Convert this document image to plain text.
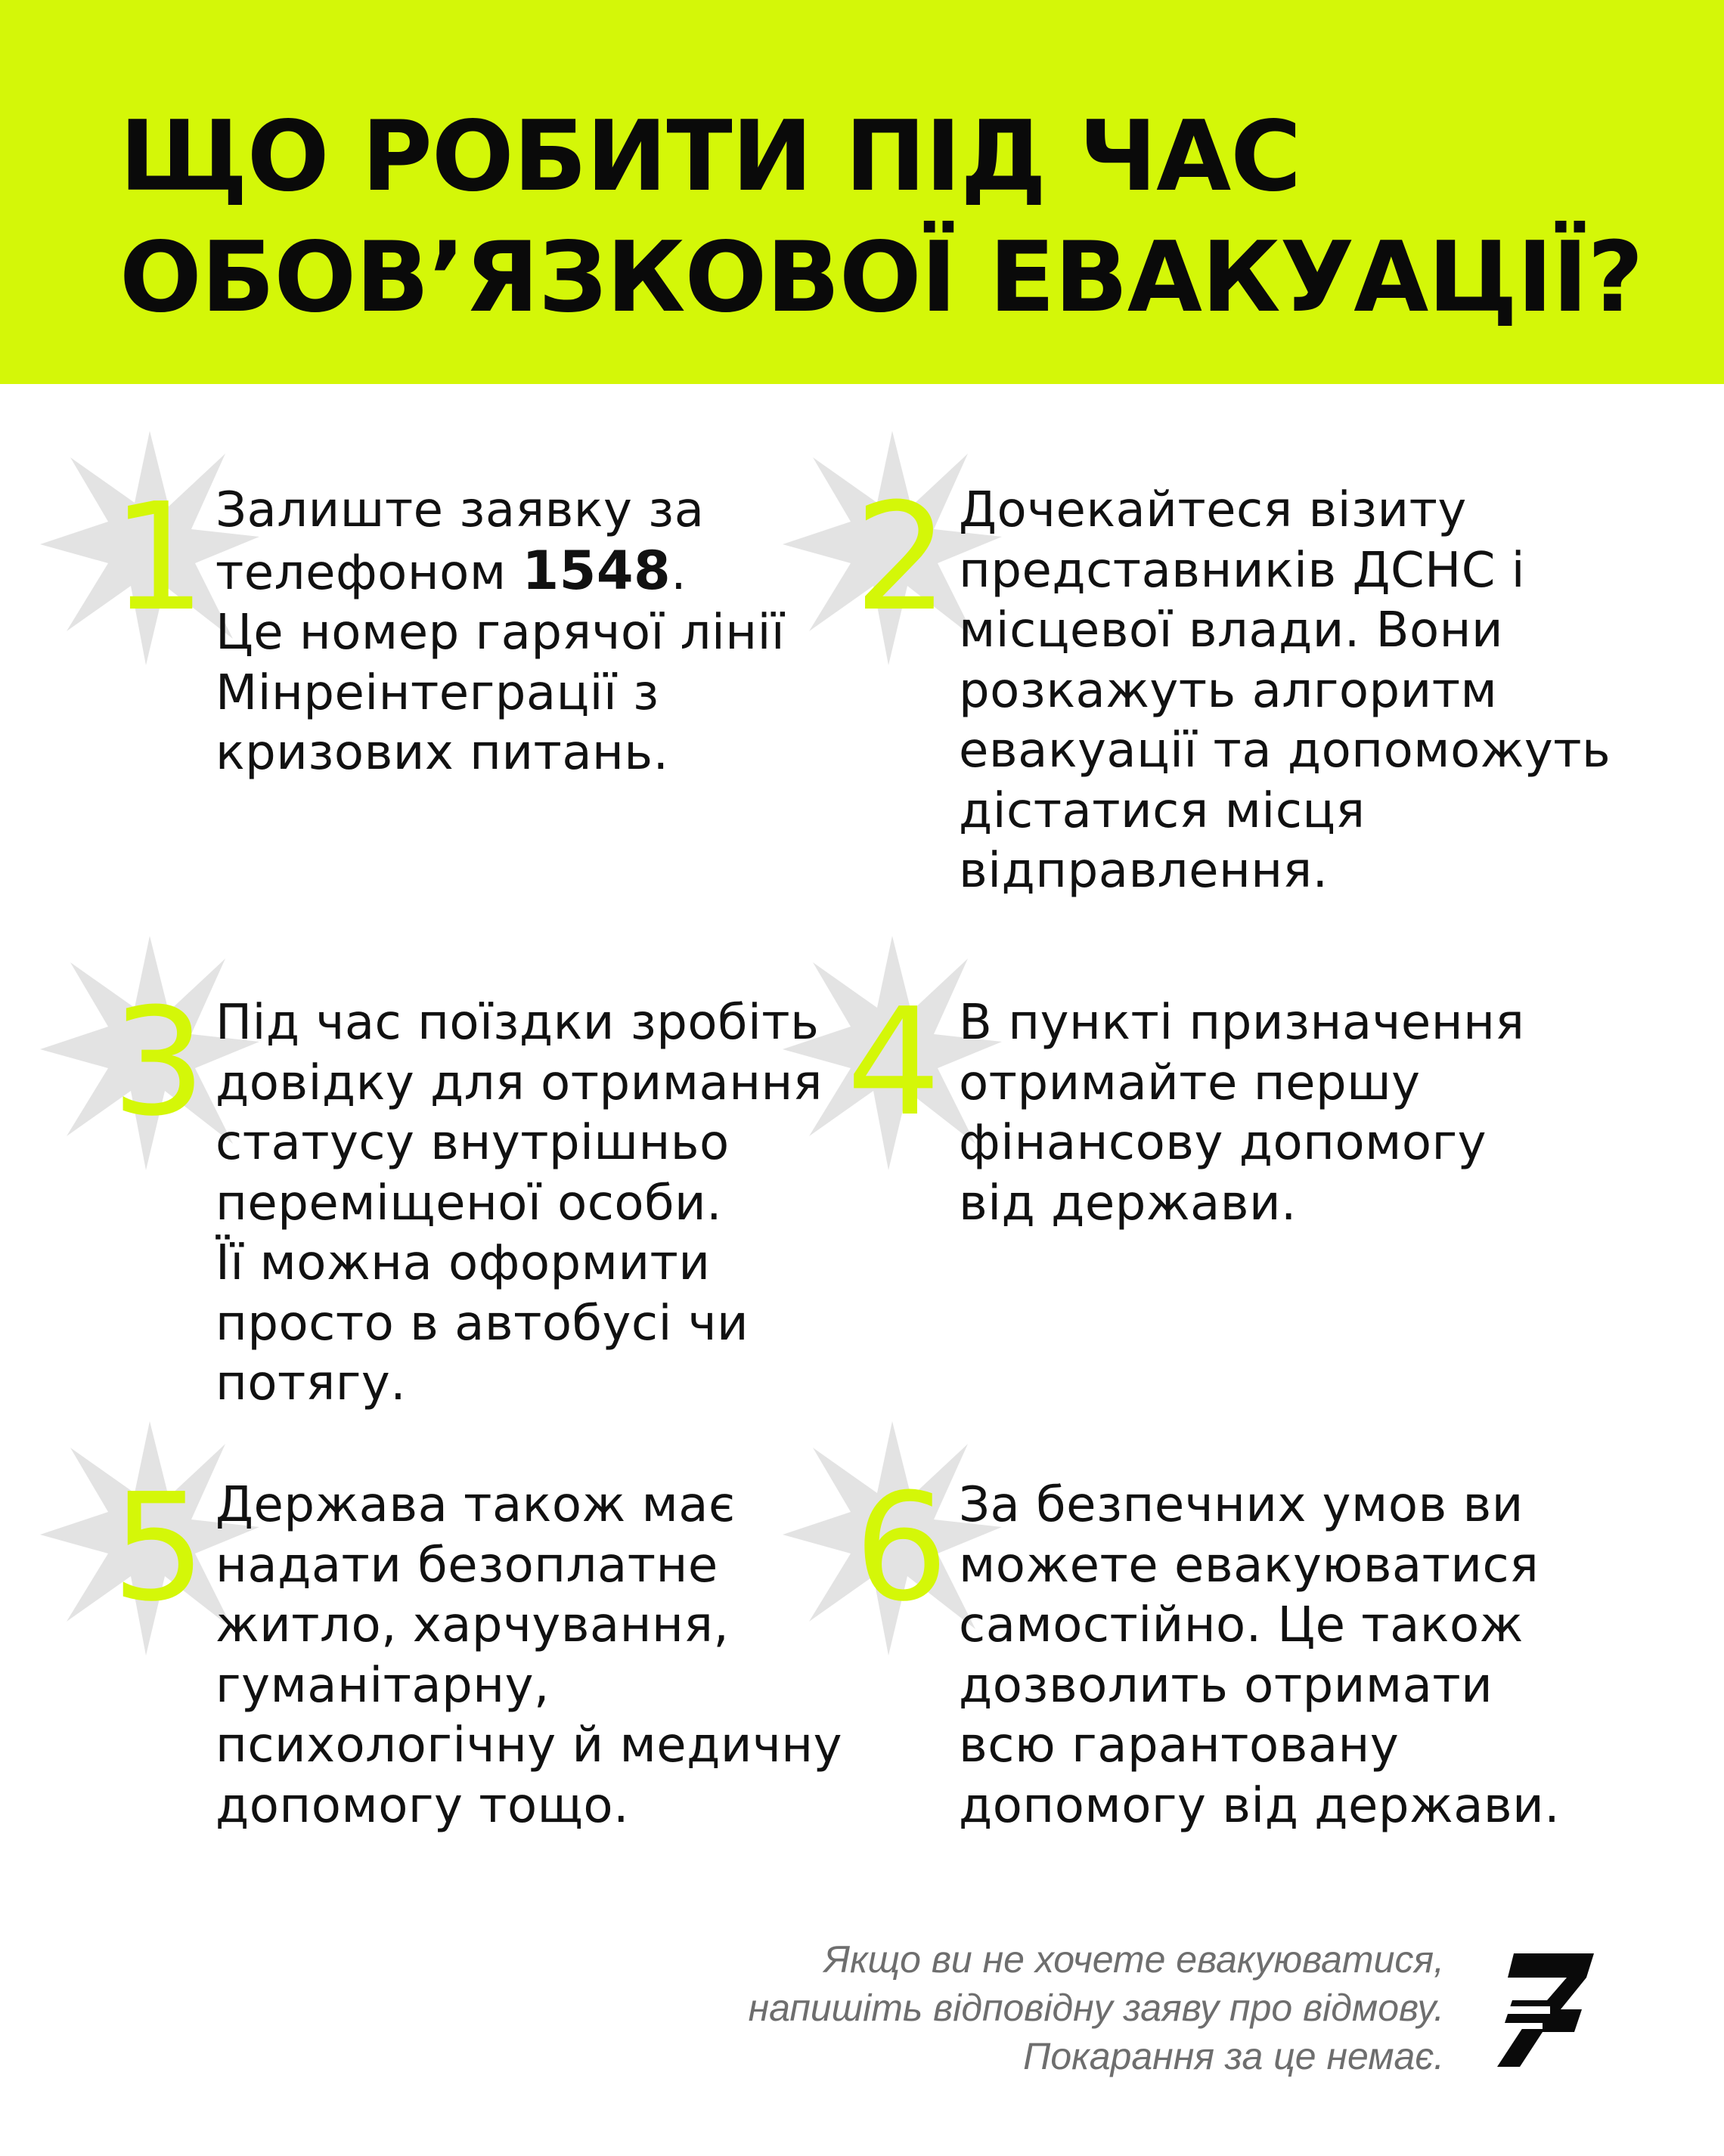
ЩО РОБИТИ ПІД ЧАС
ОБОВ’ЯЗКОВОЇ ЕВАКУАЦІЇ?
1 Залиште заявку за
телефоном 1548.
Це номер гарячої лінії
Мінреінтеграції з
кризових питань.

2 Дочекайтеся візиту
представників ДСНС і
місцевої влади. Вони
розкажуть алгоритм
евакуації та допоможуть
дістатися місця
відправлення.

3 Під час поїздки зробіть
довідку для отримання
статусу внутрішньо
переміщеної особи.
Її можна оформити
просто в автобусі чи
потягу.

4 В пункті призначення
отримайте першу
фінансову допомогу
від держави.

5 Держава також має
надати безоплатне
житло, харчування,
гуманітарну,
психологічну й медичну
допомогу тощо.

6 За безпечних умов ви
можете евакуюватися
самостійно. Це також
дозволить отримати
всю гарантовану
допомогу від держави.

Якщо ви не хочете евакуюватися,
напишіть відповідну заяву про відмову.
Покарання за це немає.
